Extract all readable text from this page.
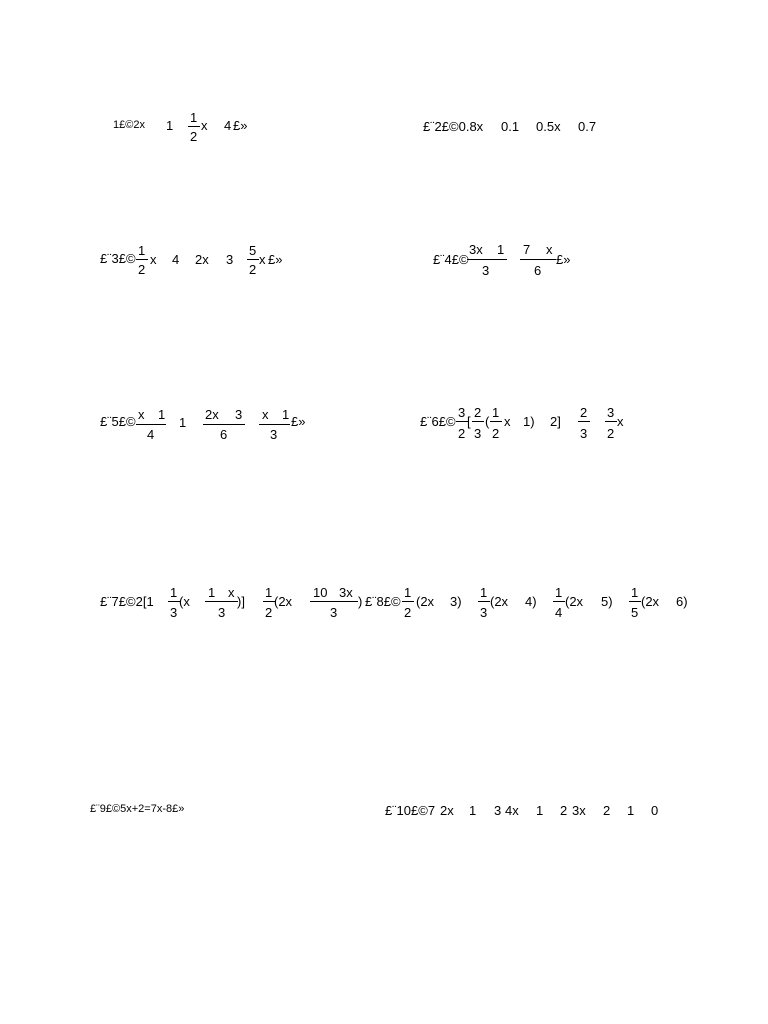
1£©2x 1
1
2
x 4 £»	£¨2£©0.8x 0.1 0.5x 0.7
£¨3£©
1
2
x 4 2x 3
5
2
x £»	£¨4£©
3x 1
3
7 x
6
£»
£¨5£© x 1
4
1
2x 3
6
x 1
3
£»	£¨6£©
3
2
[
2
3
(
1
2
x 1) 2]
2
3
3
2
x
£¨7£©2[1
1
3
(x
1 x
3
)]
1
2
(2x
10 3x
3
) £¨8£©
1
2
(2x 3)
1
3
(2x 4)
1
4
(2x 5)
1
5
(2x 6)
£¨9£©5x+2=7x-8£»	£¨10£©7 2x 1 3 4x 1 2 3x 2 1 0
